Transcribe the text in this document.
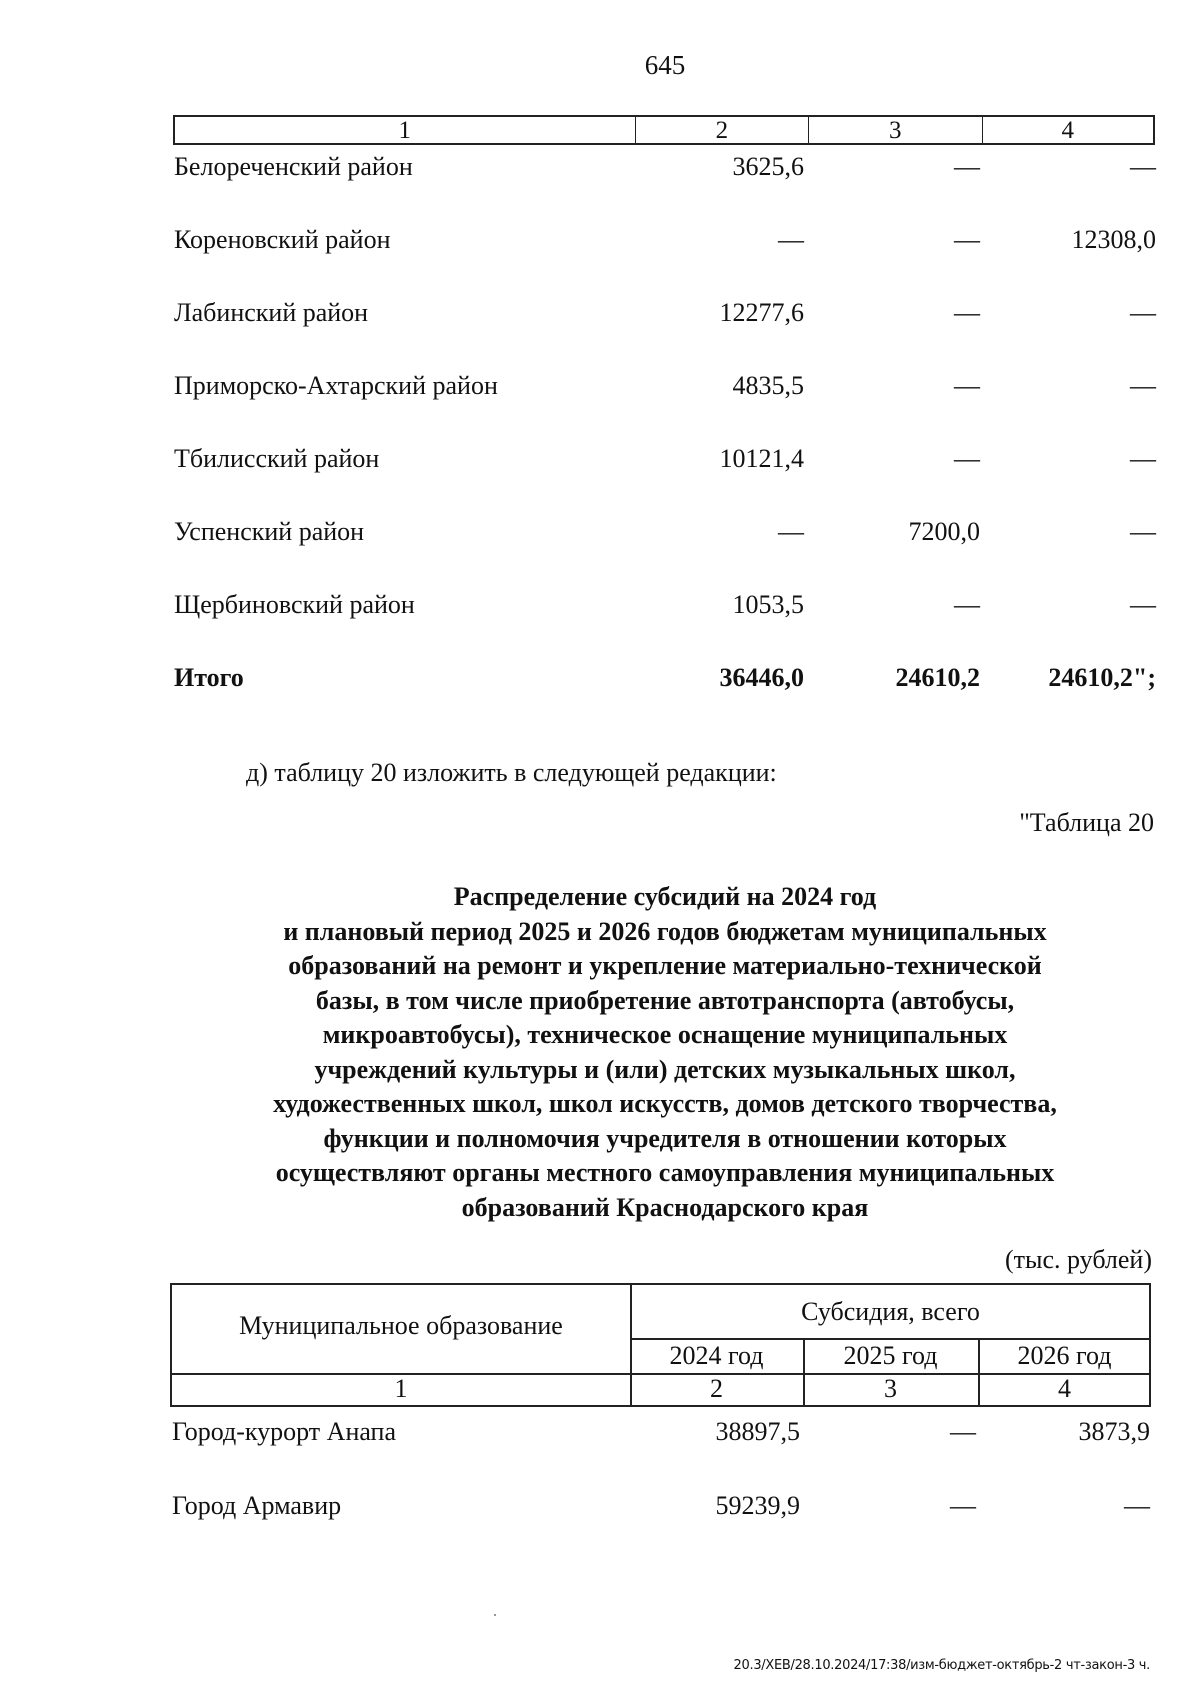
645
1	2	3	4
Белореченский район	3625,6	—	—
Кореновский район	—	—	12308,0
Лабинский район	12277,6	—	—
Приморско-Ахтарский район	4835,5	—	—
Тбилисский район	10121,4	—	—
Успенский район	—	7200,0	—
Щербиновский район	1053,5	—	—
Итого	36446,0	24610,2	24610,2";
д) таблицу 20 изложить в следующей редакции:
"Таблица 20
Распределение субсидий на 2024 год
и плановый период 2025 и 2026 годов бюджетам муниципальных
образований на ремонт и укрепление материально-технической
базы, в том числе приобретение автотранспорта (автобусы,
микроавтобусы), техническое оснащение муниципальных
учреждений культуры и (или) детских музыкальных школ,
художественных школ, школ искусств, домов детского творчества,
функции и полномочия учредителя в отношении которых
осуществляют органы местного самоуправления муниципальных
образований Краснодарского края
(тыс. рублей)
Муниципальное образование	Субсидия, всего
2024 год	2025 год	2026 год
1	2	3	4
Город-курорт Анапа	38897,5	—	3873,9
Город Армавир	59239,9	—	—
20.3/ХЕВ/28.10.2024/17:38/изм-бюджет-октябрь-2 чт-закон-3 ч.
